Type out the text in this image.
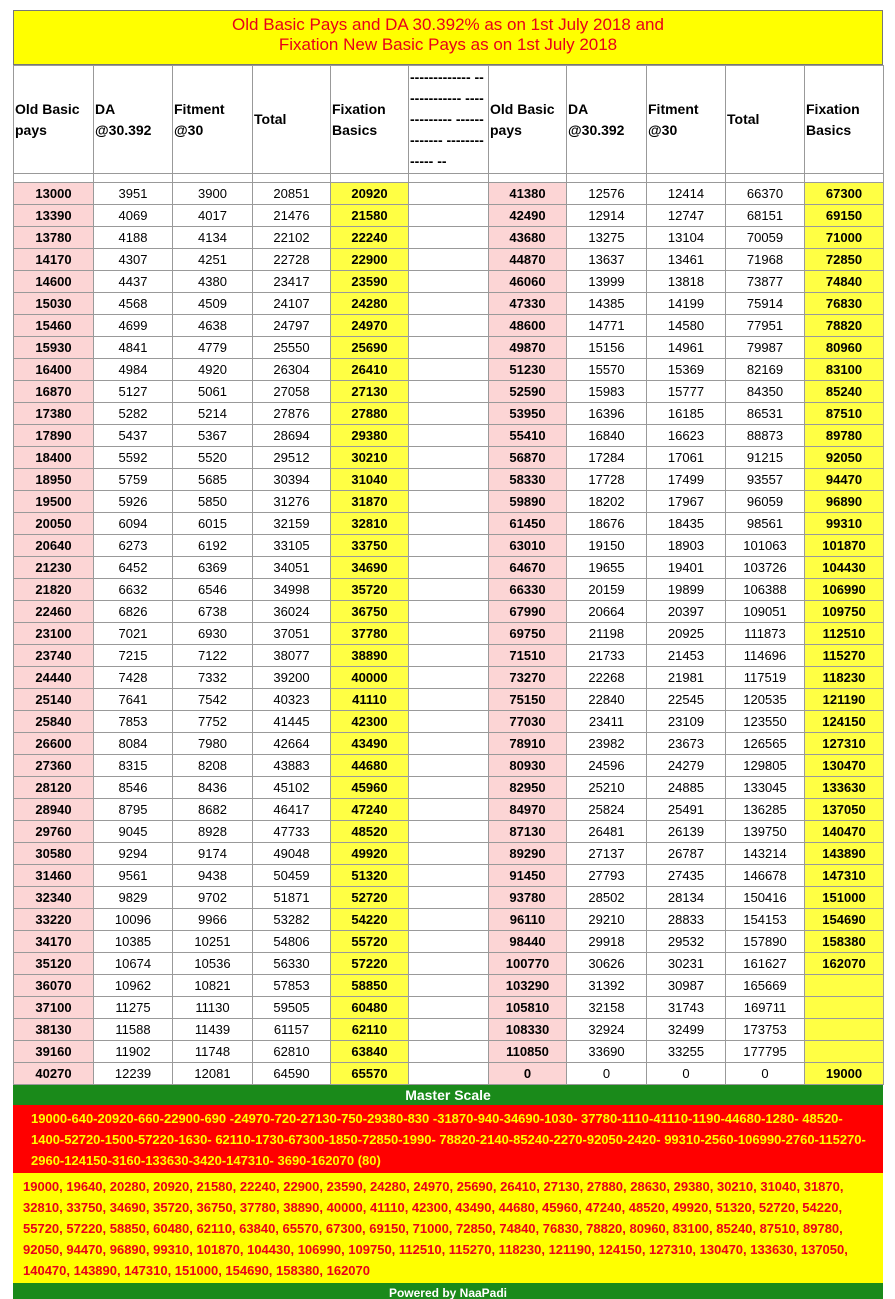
Old Basic Pays and DA 30.392% as on 1st July 2018 and
Fixation New Basic Pays as on 1st July 2018
Old Basic pays	DA @30.392	Fitment @30	Total	Fixation Basics	------------- ------------- ------------- ------------- ------------- --	Old Basic pays	DA @30.392	Fitment @30	Total	Fixation Basics

13000	3951	3900	20851	20920		41380	12576	12414	66370	67300
13390	4069	4017	21476	21580		42490	12914	12747	68151	69150
13780	4188	4134	22102	22240		43680	13275	13104	70059	71000
14170	4307	4251	22728	22900		44870	13637	13461	71968	72850
14600	4437	4380	23417	23590		46060	13999	13818	73877	74840
15030	4568	4509	24107	24280		47330	14385	14199	75914	76830
15460	4699	4638	24797	24970		48600	14771	14580	77951	78820
15930	4841	4779	25550	25690		49870	15156	14961	79987	80960
16400	4984	4920	26304	26410		51230	15570	15369	82169	83100
16870	5127	5061	27058	27130		52590	15983	15777	84350	85240
17380	5282	5214	27876	27880		53950	16396	16185	86531	87510
17890	5437	5367	28694	29380		55410	16840	16623	88873	89780
18400	5592	5520	29512	30210		56870	17284	17061	91215	92050
18950	5759	5685	30394	31040		58330	17728	17499	93557	94470
19500	5926	5850	31276	31870		59890	18202	17967	96059	96890
20050	6094	6015	32159	32810		61450	18676	18435	98561	99310
20640	6273	6192	33105	33750		63010	19150	18903	101063	101870
21230	6452	6369	34051	34690		64670	19655	19401	103726	104430
21820	6632	6546	34998	35720		66330	20159	19899	106388	106990
22460	6826	6738	36024	36750		67990	20664	20397	109051	109750
23100	7021	6930	37051	37780		69750	21198	20925	111873	112510
23740	7215	7122	38077	38890		71510	21733	21453	114696	115270
24440	7428	7332	39200	40000		73270	22268	21981	117519	118230
25140	7641	7542	40323	41110		75150	22840	22545	120535	121190
25840	7853	7752	41445	42300		77030	23411	23109	123550	124150
26600	8084	7980	42664	43490		78910	23982	23673	126565	127310
27360	8315	8208	43883	44680		80930	24596	24279	129805	130470
28120	8546	8436	45102	45960		82950	25210	24885	133045	133630
28940	8795	8682	46417	47240		84970	25824	25491	136285	137050
29760	9045	8928	47733	48520		87130	26481	26139	139750	140470
30580	9294	9174	49048	49920		89290	27137	26787	143214	143890
31460	9561	9438	50459	51320		91450	27793	27435	146678	147310
32340	9829	9702	51871	52720		93780	28502	28134	150416	151000
33220	10096	9966	53282	54220		96110	29210	28833	154153	154690
34170	10385	10251	54806	55720		98440	29918	29532	157890	158380
35120	10674	10536	56330	57220		100770	30626	30231	161627	162070
36070	10962	10821	57853	58850		103290	31392	30987	165669	
37100	11275	11130	59505	60480		105810	32158	31743	169711	
38130	11588	11439	61157	62110		108330	32924	32499	173753	
39160	11902	11748	62810	63840		110850	33690	33255	177795	
40270	12239	12081	64590	65570		0	0	0	0	19000
Master Scale
19000-640-20920-660-22900-690 -24970-720-27130-750-29380-830 -31870-940-34690-1030- 37780-1110-41110-1190-44680-1280- 48520-1400-52720-1500-57220-1630- 62110-1730-67300-1850-72850-1990- 78820-2140-85240-2270-92050-2420- 99310-2560-106990-2760-115270- 2960-124150-3160-133630-3420-147310- 3690-162070 (80)
19000, 19640, 20280, 20920, 21580, 22240, 22900, 23590, 24280, 24970, 25690, 26410, 27130, 27880, 28630, 29380, 30210, 31040, 31870, 32810, 33750, 34690, 35720, 36750, 37780, 38890, 40000, 41110, 42300, 43490, 44680, 45960, 47240, 48520, 49920, 51320, 52720, 54220, 55720, 57220, 58850, 60480, 62110, 63840, 65570, 67300, 69150, 71000, 72850, 74840, 76830, 78820, 80960, 83100, 85240, 87510, 89780, 92050, 94470, 96890, 99310, 101870, 104430, 106990, 109750, 112510, 115270, 118230, 121190, 124150, 127310, 130470, 133630, 137050, 140470, 143890, 147310, 151000, 154690, 158380, 162070
Powered by NaaPadi
